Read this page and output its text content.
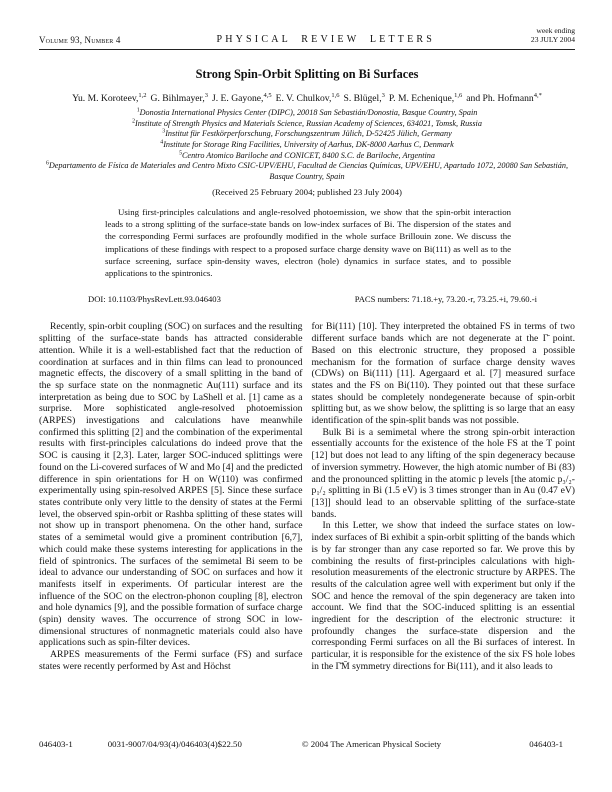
Volume 93, Number 4	PHYSICAL REVIEW LETTERS
week ending
23 JULY 2004
Strong Spin-Orbit Splitting on Bi Surfaces
Yu. M. Koroteev,$^{1,2}$ G. Bihlmayer,$^3$ J. E. Gayone,$^{4,5}$ E. V. Chulkov,$^{1,6}$ S. Blügel,$^3$ P. M. Echenique,$^{1,6}$ and Ph. Hofmann$^{4,*}$
$^1$Donostia International Physics Center (DIPC), 20018 San Sebastián/Donostia, Basque Country, Spain
$^2$Institute of Strength Physics and Materials Science, Russian Academy of Sciences, 634021, Tomsk, Russia
$^3$Institut für Festkörperforschung, Forschungszentrum Jülich, D-52425 Jülich, Germany
$^4$Institute for Storage Ring Facilities, University of Aarhus, DK-8000 Aarhus C, Denmark
$^5$Centro Atomico Bariloche and CONICET, 8400 S.C. de Bariloche, Argentina
$^6$Departamento de Física de Materiales and Centro Mixto CSIC-UPV/EHU, Facultad de Ciencias Químicas, UPV/EHU, Apartado 1072, 20080 San Sebastián, Basque Country, Spain
(Received 25 February 2004; published 23 July 2004)
Using first-principles calculations and angle-resolved photoemission, we show that the spin-orbit interaction leads to a strong splitting of the surface-state bands on low-index surfaces of Bi. The dispersion of the states and the corresponding Fermi surfaces are profoundly modified in the whole surface Brillouin zone. We discuss the implications of these findings with respect to a proposed surface charge density wave on Bi(111) as well as to the surface screening, surface spin-density waves, electron (hole) dynamics in surface states, and to possible applications to the spintronics.
DOI: 10.1103/PhysRevLett.93.046403	PACS numbers: 71.18.+y, 73.20.-r, 73.25.+i, 79.60.-i

Recently, spin-orbit coupling (SOC) on surfaces and the resulting splitting of the surface-state bands has attracted considerable attention. While it is a well-established fact that the reduction of coordination at surfaces and in thin films can lead to pronounced magnetic effects, the discovery of a small splitting in the band of the sp surface state on the nonmagnetic Au(111) surface and its interpretation as being due to SOC by LaShell et al. [1] came as a surprise. More sophisticated angle-resolved photoemission (ARPES) investigations and calculations have meanwhile confirmed this splitting [2] and the combination of the experimental results with first-principles calculations do indeed prove that the SOC is causing it [2,3]. Later, larger SOC-induced splittings were found on the Li-covered surfaces of W and Mo [4] and the predicted difference in spin orientations for H on W(110) was confirmed experimentally using spin-resolved ARPES [5]. Since these surface states contribute only very little to the density of states at the Fermi level, the observed spin-orbit or Rashba splitting of these states will not show up in transport phenomena. On the other hand, surface states of a semimetal would give a prominent contribution [6,7], which could make these systems interesting for applications in the field of spintronics. The surfaces of the semimetal Bi seem to be ideal to advance our understanding of SOC on surfaces and how it manifests itself in experiments. Of particular interest are the influence of the SOC on the electron-phonon coupling [8], electron and hole dynamics [9], and the possible formation of surface charge (spin) density waves. The occurrence of strong SOC in low-dimensional structures of nonmagnetic materials could also have applications such as spin-filter devices.

ARPES measurements of the Fermi surface (FS) and surface states were recently performed by Ast and Höchst

for Bi(111) [10]. They interpreted the obtained FS in terms of two different surface bands which are not degenerate at the Γ̄ point. Based on this electronic structure, they proposed a possible mechanism for the formation of surface charge density waves (CDWs) on Bi(111) [11]. Agergaard et al. [7] measured surface states and the FS on Bi(110). They pointed out that these surface states should be completely nondegenerate because of spin-orbit splitting but, as we show below, the splitting is so large that an easy identification of the spin-split bands was not possible.

Bulk Bi is a semimetal where the strong spin-orbit interaction essentially accounts for the existence of the hole FS at the T point [12] but does not lead to any lifting of the spin degeneracy because of inversion symmetry. However, the high atomic number of Bi (83) and the pronounced splitting in the atomic p levels [the atomic p₃/₂-p₁/₂ splitting in Bi (1.5 eV) is 3 times stronger than in Au (0.47 eV) [13]] should lead to an observable splitting of the surface-state bands.

In this Letter, we show that indeed the surface states on low-index surfaces of Bi exhibit a spin-orbit splitting of the bands which is by far stronger than any case reported so far. We prove this by combining the results of first-principles calculations with high-resolution measurements of the electronic structure by ARPES. The results of the calculation agree well with experiment but only if the SOC and hence the removal of the spin degeneracy are taken into account. We find that the SOC-induced splitting is an essential ingredient for the description of the electronic structure: it profoundly changes the surface-state dispersion and the corresponding Fermi surfaces on all the Bi surfaces of interest. In particular, it is responsible for the existence of the six FS hole lobes in the Γ̄M̄ symmetry directions for Bi(111), and it also leads to

046403-1	0031-9007/04/93(4)/046403(4)$22.50	© 2004 The American Physical Society	046403-1
